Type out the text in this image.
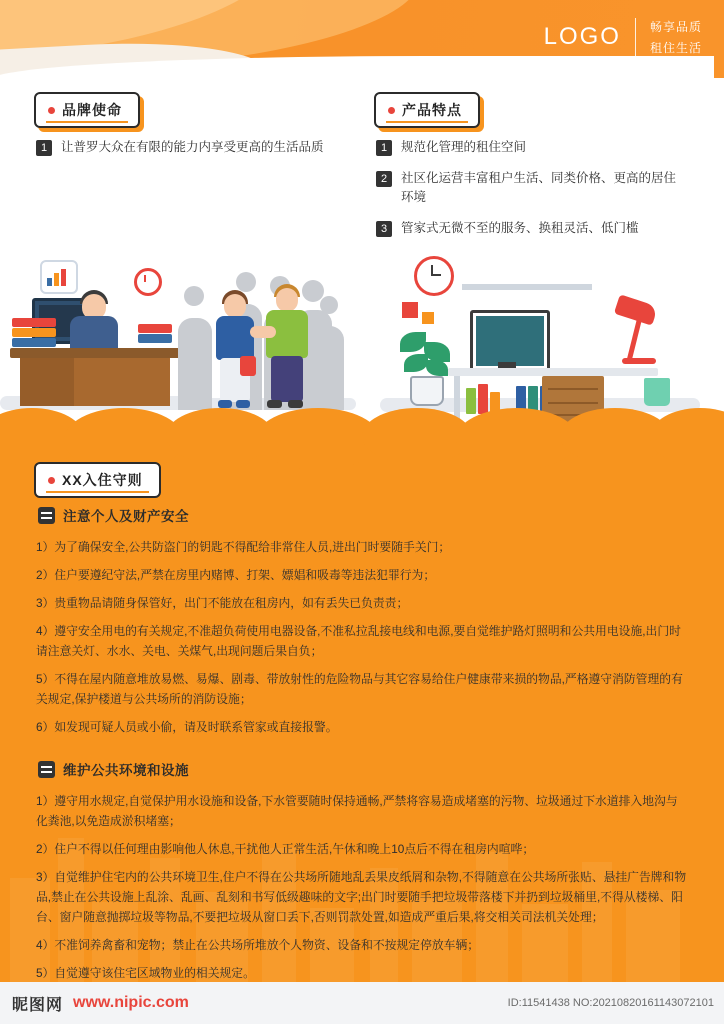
LOGO 畅享品质
租住生活
品牌使命	产品特点
1	让普罗大众在有限的能力内享受更高的生活品质	1	规范化管理的租住空间
2	社区化运营丰富租户生活、同类价格、更高的居住环境
3	管家式无微不至的服务、换租灵活、低门槛
XX入住守则
注意个人及财产安全

1）为了确保安全,公共防盗门的钥匙不得配给非常住人员,进出门时要随手关门；

2）住户要遵纪守法,严禁在房里内赌博、打架、嫖娼和吸毒等违法犯罪行为；

3）贵重物品请随身保管好，出门不能放在租房内，如有丢失已负责责；

4）遵守安全用电的有关规定,不准超负荷使用电器设备,不准私拉乱接电线和电源,要自觉维护路灯照明和公共用电设施,出门时请注意关灯、水水、关电、关煤气,出现问题后果自负；

5）不得在屋内随意堆放易燃、易爆、剧毒、带放射性的危险物品与其它容易给住户健康带来损的物品,严格遵守消防管理的有关规定,保护楼道与公共场所的消防设施；

6）如发现可疑人员或小偷，请及时联系管家或直接报警。

维护公共环境和设施

1）遵守用水规定,自觉保护用水设施和设备,下水管要随时保持通畅,严禁将容易造成堵塞的污物、垃圾通过下水道排入地沟与化粪池,以免造成淤积堵塞；

2）住户不得以任何理由影响他人休息,干扰他人正常生活,午休和晚上10点后不得在租房内喧哗；

3）自觉维护住宅内的公共环境卫生,住户不得在公共场所随地乱丢果皮纸屑和杂物,不得随意在公共场所张贴、悬挂广告牌和物品,禁止在公共设施上乱涂、乱画、乱刻和书写低级趣味的文字;出门时要随手把垃圾带落楼下并扔到垃圾桶里,不得从楼梯、阳台、窗户随意抛掷垃圾等物品,不要把垃圾从窗口丢下,否则罚款处置,如造成严重后果,将交相关司法机关处理；

4）不准饲养禽畜和宠物；禁止在公共场所堆放个人物资、设备和不按规定停放车辆；

5）自觉遵守该住宅区域物业的相关规定。

昵图网 www.nipic.com	ID:11541438 NO:20210820161143072101
